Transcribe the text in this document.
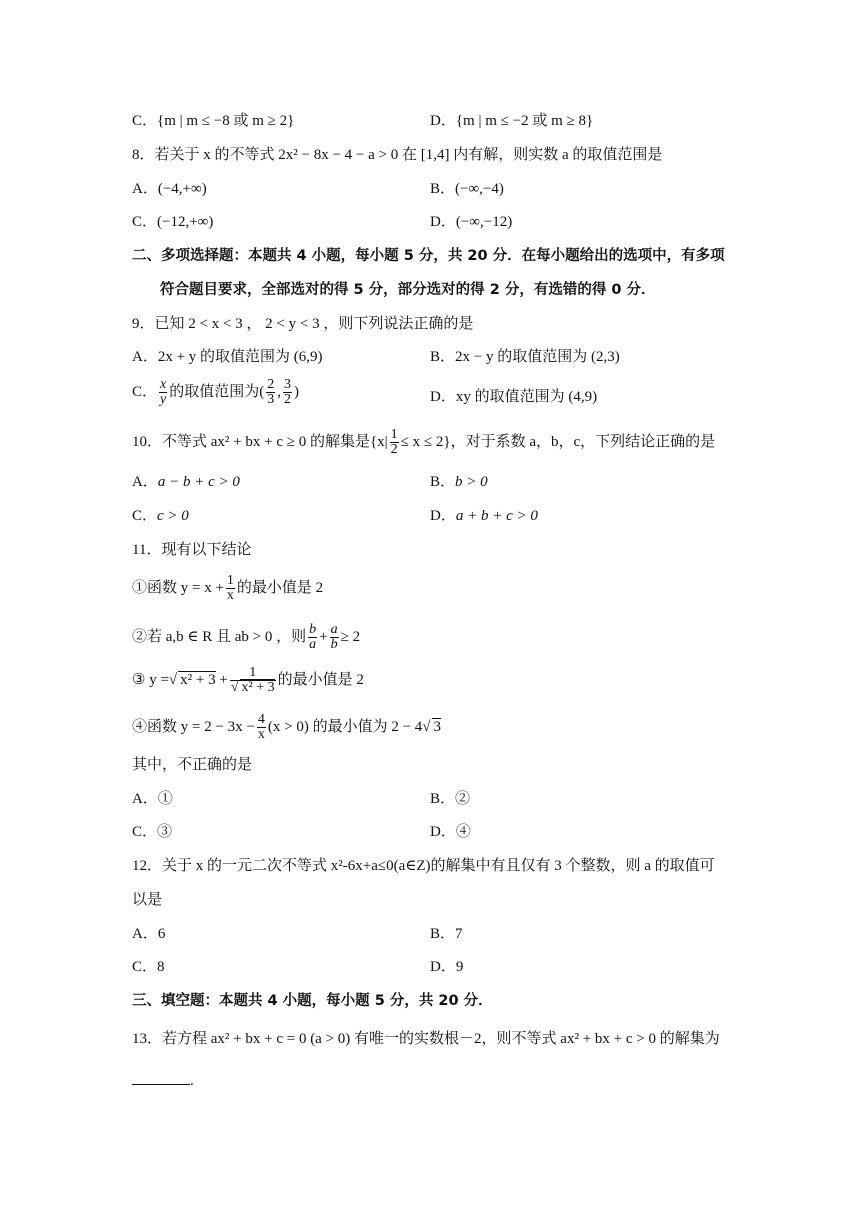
C．{m | m ≤ −8 或 m ≥ 2}	D．{m | m ≤ −2 或 m ≥ 8}
8．若关于 x 的不等式 2x² − 8x − 4 − a > 0 在 [1,4] 内有解，则实数 a 的取值范围是
A．(−4,+∞)	B．(−∞,−4)
C．(−12,+∞)	D．(−∞,−12)
二、多项选择题：本题共 4 小题，每小题 5 分，共 20 分．在每小题给出的选项中，有多项
符合题目要求，全部选对的得 5 分，部分选对的得 2 分，有选错的得 0 分．
9．已知 2 < x < 3 ， 2 < y < 3 ，则下列说法正确的是
A．2x + y 的取值范围为 (6,9)	B．2x − y 的取值范围为 (2,3)
C． $\frac{x}{y}$ 的取值范围为( $\frac{2}{3}$ , $\frac{3}{2}$ )	D．xy 的取值范围为 (4,9)
10．不等式 ax² + bx + c ≥ 0 的解集是$\{x| \frac{1}{2} \le x \le 2\}$，对于系数 a，b，c，下列结论正确的是
A．a − b + c > 0	B．b > 0
C．c > 0	D．a + b + c > 0
11．现有以下结论
①函数 $y = x + \frac{1}{x}$ 的最小值是 2
②若 a,b ∈ R 且 ab > 0 ，则 $\frac{b}{a} + \frac{a}{b} \ge 2$
③ y =√ $x^2 + 3 + \frac{1}{\text{√ x² + 3}}$ 的最小值是 2
④函数 $y = 2 - 3x - \frac{4}{x} (x > 0)$ 的最小值为 2 − 4√ 3
其中，不正确的是
A．①	B．②
C．③	D．④
12．关于 x 的一元二次不等式 x²-6x+a≤0(a∈Z)的解集中有且仅有 3 个整数，则 a 的取值可
以是
A．6	B．7
C．8	D．9
三、填空题：本题共 4 小题，每小题 5 分，共 20 分．
13．若方程 ax² + bx + c = 0 (a > 0) 有唯一的实数根－2，则不等式 ax² + bx + c > 0 的解集为
.
